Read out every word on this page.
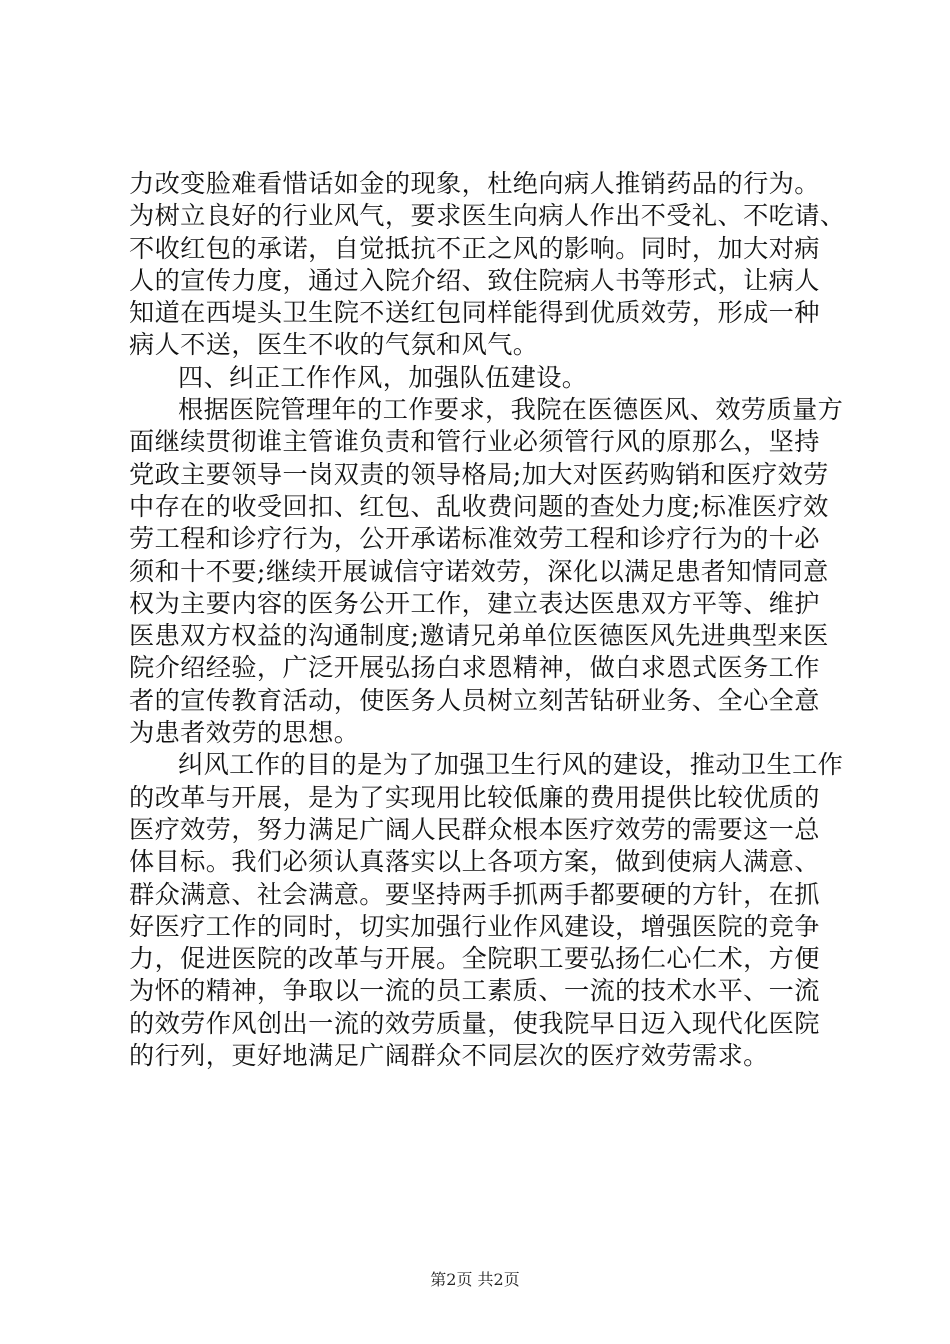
力改变脸难看惜话如金的现象，杜绝向病人推销药品的行为。
为树立良好的行业风气，要求医生向病人作出不受礼、不吃请、
不收红包的承诺，自觉抵抗不正之风的影响。同时，加大对病
人的宣传力度，通过入院介绍、致住院病人书等形式，让病人
知道在西堤头卫生院不送红包同样能得到优质效劳，形成一种
病人不送，医生不收的气氛和风气。
四、纠正工作作风，加强队伍建设。
根据医院管理年的工作要求，我院在医德医风、效劳质量方
面继续贯彻谁主管谁负责和管行业必须管行风的原那么，坚持
党政主要领导一岗双责的领导格局;加大对医药购销和医疗效劳
中存在的收受回扣、红包、乱收费问题的查处力度;标准医疗效
劳工程和诊疗行为，公开承诺标准效劳工程和诊疗行为的十必
须和十不要;继续开展诚信守诺效劳，深化以满足患者知情同意
权为主要内容的医务公开工作，建立表达医患双方平等、维护
医患双方权益的沟通制度;邀请兄弟单位医德医风先进典型来医
院介绍经验，广泛开展弘扬白求恩精神，做白求恩式医务工作
者的宣传教育活动，使医务人员树立刻苦钻研业务、全心全意
为患者效劳的思想。
纠风工作的目的是为了加强卫生行风的建设，推动卫生工作
的改革与开展，是为了实现用比较低廉的费用提供比较优质的
医疗效劳，努力满足广阔人民群众根本医疗效劳的需要这一总
体目标。我们必须认真落实以上各项方案，做到使病人满意、
群众满意、社会满意。要坚持两手抓两手都要硬的方针，在抓
好医疗工作的同时，切实加强行业作风建设，增强医院的竞争
力，促进医院的改革与开展。全院职工要弘扬仁心仁术，方便
为怀的精神，争取以一流的员工素质、一流的技术水平、一流
的效劳作风创出一流的效劳质量，使我院早日迈入现代化医院
的行列，更好地满足广阔群众不同层次的医疗效劳需求。
第2页 共2页
